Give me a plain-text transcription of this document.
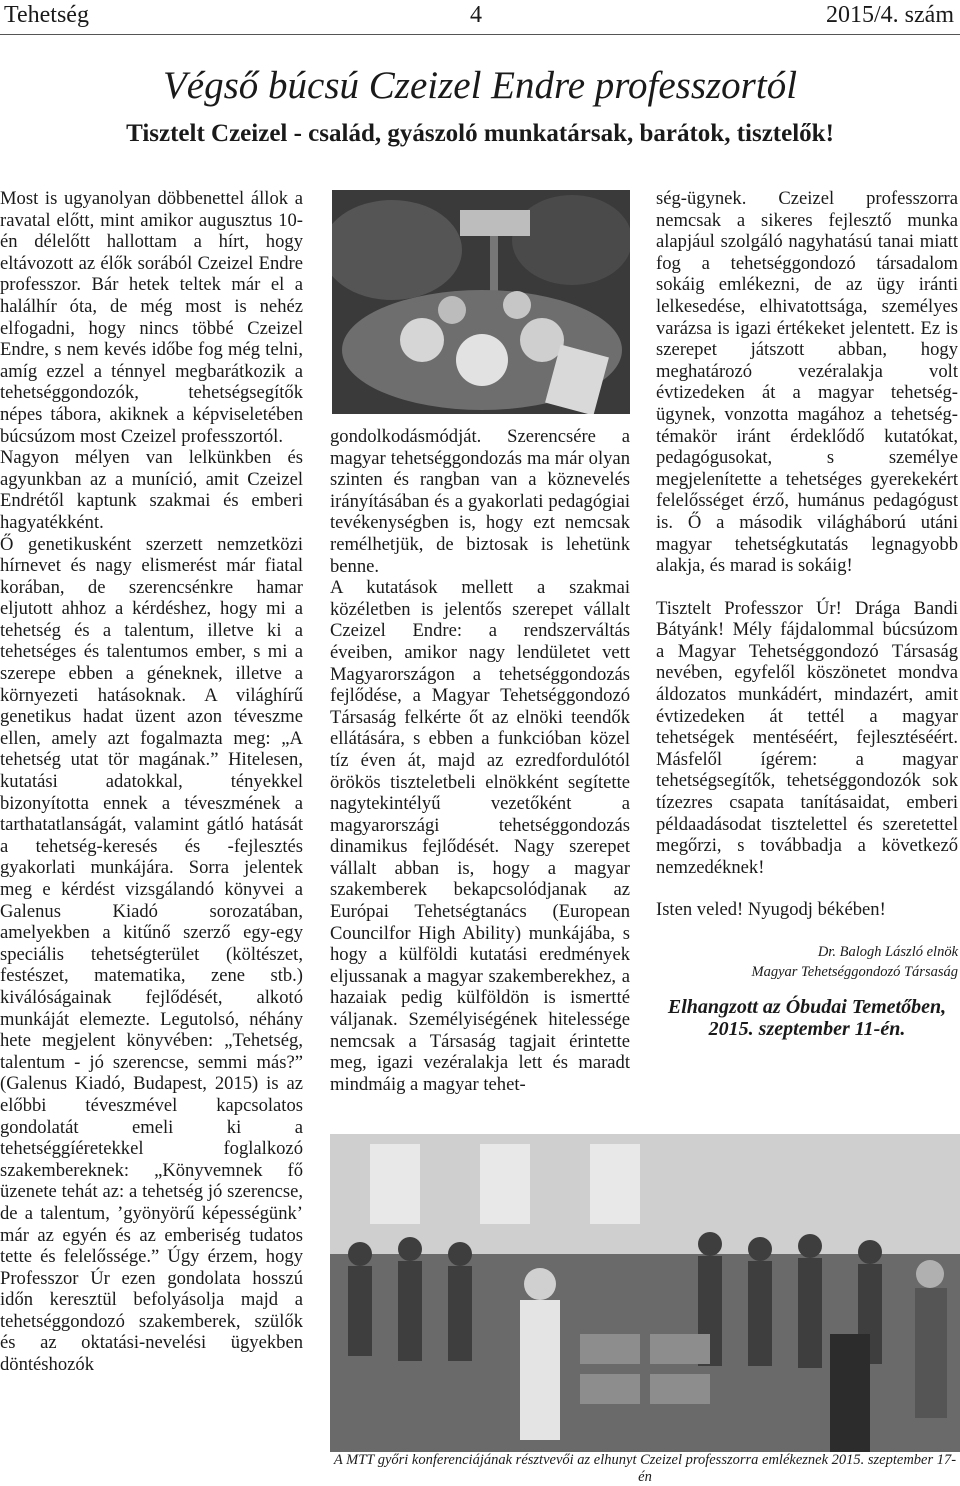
Tehetség	4	2015/4. szám
Végső búcsú Czeizel Endre professzortól
Tisztelt Czeizel - család, gyászoló munkatársak, barátok, tisztelők!

Most is ugyanolyan döbbenettel állok a ravatal előtt, mint amikor augusztus 10-én délelőtt hallottam a hírt, hogy eltávozott az élők sorából Czeizel Endre professzor. Bár hetek teltek már el a halálhír óta, de még most is nehéz elfogadni, hogy nincs többé Czeizel Endre, s nem kevés időbe fog még telni, amíg ezzel a ténnyel megbarátkozik a tehetséggondozók, tehetségsegítők népes tábora, akiknek a képviseletében búcsúzom most Czeizel professzortól.

Nagyon mélyen van lelkünkben és agyunkban az a muníció, amit Czeizel Endrétől kaptunk szakmai és emberi hagyatékként.

Ő genetikusként szerzett nemzetközi hírnevet és nagy elismerést már fiatal korában, de szerencsénkre hamar eljutott ahhoz a kérdéshez, hogy mi a tehetség és a talentum, illetve ki a tehetséges és talentumos ember, s mi a szerepe ebben a géneknek, illetve a környezeti hatásoknak. A világhírű genetikus hadat üzent azon téveszme ellen, amely azt fogalmazta meg: „A tehetség utat tör magának.” Hitelesen, kutatási adatokkal, tényekkel bizonyította ennek a téveszmének a tarthatatlanságát, valamint gátló hatását a tehetség-keresés és -fejlesztés gyakorlati munkájára. Sorra jelentek meg e kérdést vizsgálandó könyvei a Galenus Kiadó sorozatában, amelyekben a kitűnő szerző egy-egy speciális tehetségterület (költészet, festészet, matematika, zene stb.) kiválóságainak fejlődését, alkotó munkáját elemezte. Legutolsó, néhány hete megjelent könyvében: „Tehetség, talentum - jó szerencse, semmi más?” (Galenus Kiadó, Budapest, 2015) is az előbbi téveszmével kapcsolatos gondolatát emeli ki a tehetséggíéretekkel foglalkozó szakembereknek: „Könyvemnek fő üzenete tehát az: a tehetség jó szerencse, de a talentum, ’gyönyörű képességünk’ már az egyén és az emberiség tudatos tette és felelőssége.” Úgy érzem, hogy Professzor Úr ezen gondolata hosszú időn keresztül befolyásolja majd a tehetséggondozó szakemberek, szülők és az oktatási-nevelési ügyekben döntéshozók

gondolkodásmódját. Szerencsére a magyar tehetséggondozás ma már olyan szinten és rangban van a köznevelés irányításában és a gyakorlati pedagógiai tevékenységben is, hogy ezt nemcsak remélhetjük, de biztosak is lehetünk benne.

A kutatások mellett a szakmai közéletben is jelentős szerepet vállalt Czeizel Endre: a rendszerváltás éveiben, amikor nagy lendületet vett Magyarországon a tehetséggondozás fejlődése, a Magyar Tehetséggondozó Társaság felkérte őt az elnöki teendők ellátására, s ebben a funkcióban közel tíz éven át, majd az ezredfordulótól örökös tiszteletbeli elnökként segítette nagytekintélyű vezetőként a magyarországi tehetséggondozás dinamikus fejlődését. Nagy szerepet vállalt abban is, hogy a magyar szakemberek bekapcsolódjanak az Európai Tehetségtanács (European Councilfor High Ability) munkájába, s hogy a külföldi kutatási eredmények eljussanak a magyar szakemberekhez, a hazaiak pedig külföldön is ismertté váljanak. Személyiségének hitelessége nemcsak a Társaság tagjait érintette meg, igazi vezéralakja lett és maradt mindmáig a magyar tehet-

ség-ügynek. Czeizel professzorra nemcsak a sikeres fejlesztő munka alapjául szolgáló nagyhatású tanai miatt fog a tehetséggondozó társadalom sokáig emlékezni, de az ügy iránti lelkesedése, elhivatottsága, személyes varázsa is igazi értékeket jelentett. Ez is szerepet játszott abban, hogy meghatározó vezéralakja volt évtizedeken át a magyar tehetség-ügynek, vonzotta magához a tehetség-témakör iránt érdeklődő kutatókat, pedagógusokat, s személye megjelenítette a tehetséges gyerekekért felelősséget érző, humánus pedagógust is. Ő a második világháború utáni magyar tehetségkutatás legnagyobb alakja, és marad is sokáig!

Tisztelt Professzor Úr! Drága Bandi Bátyánk! Mély fájdalommal búcsúzom a Magyar Tehetséggondozó Társaság nevében, egyfelől köszönetet mondva áldozatos munkádért, mindazért, amit évtizedeken át tettél a magyar tehetségek mentéséért, fejlesztéséért. Másfelől ígérem: a magyar tehetségsegítők, tehetséggondozók sok tízezres csapata tanításaidat, emberi példaadásodat tisztelettel és szeretettel megőrzi, s továbbadja a következő nemzedéknek!

Isten veled! Nyugodj békében!

Dr. Balogh László elnök
Magyar Tehetséggondozó Társaság
Elhangzott az Óbudai Temetőben, 2015. szeptember 11-én.
A MTT győri konferenciájának résztvevői az elhunyt Czeizel professzorra emlékeznek 2015. szeptember 17-én
